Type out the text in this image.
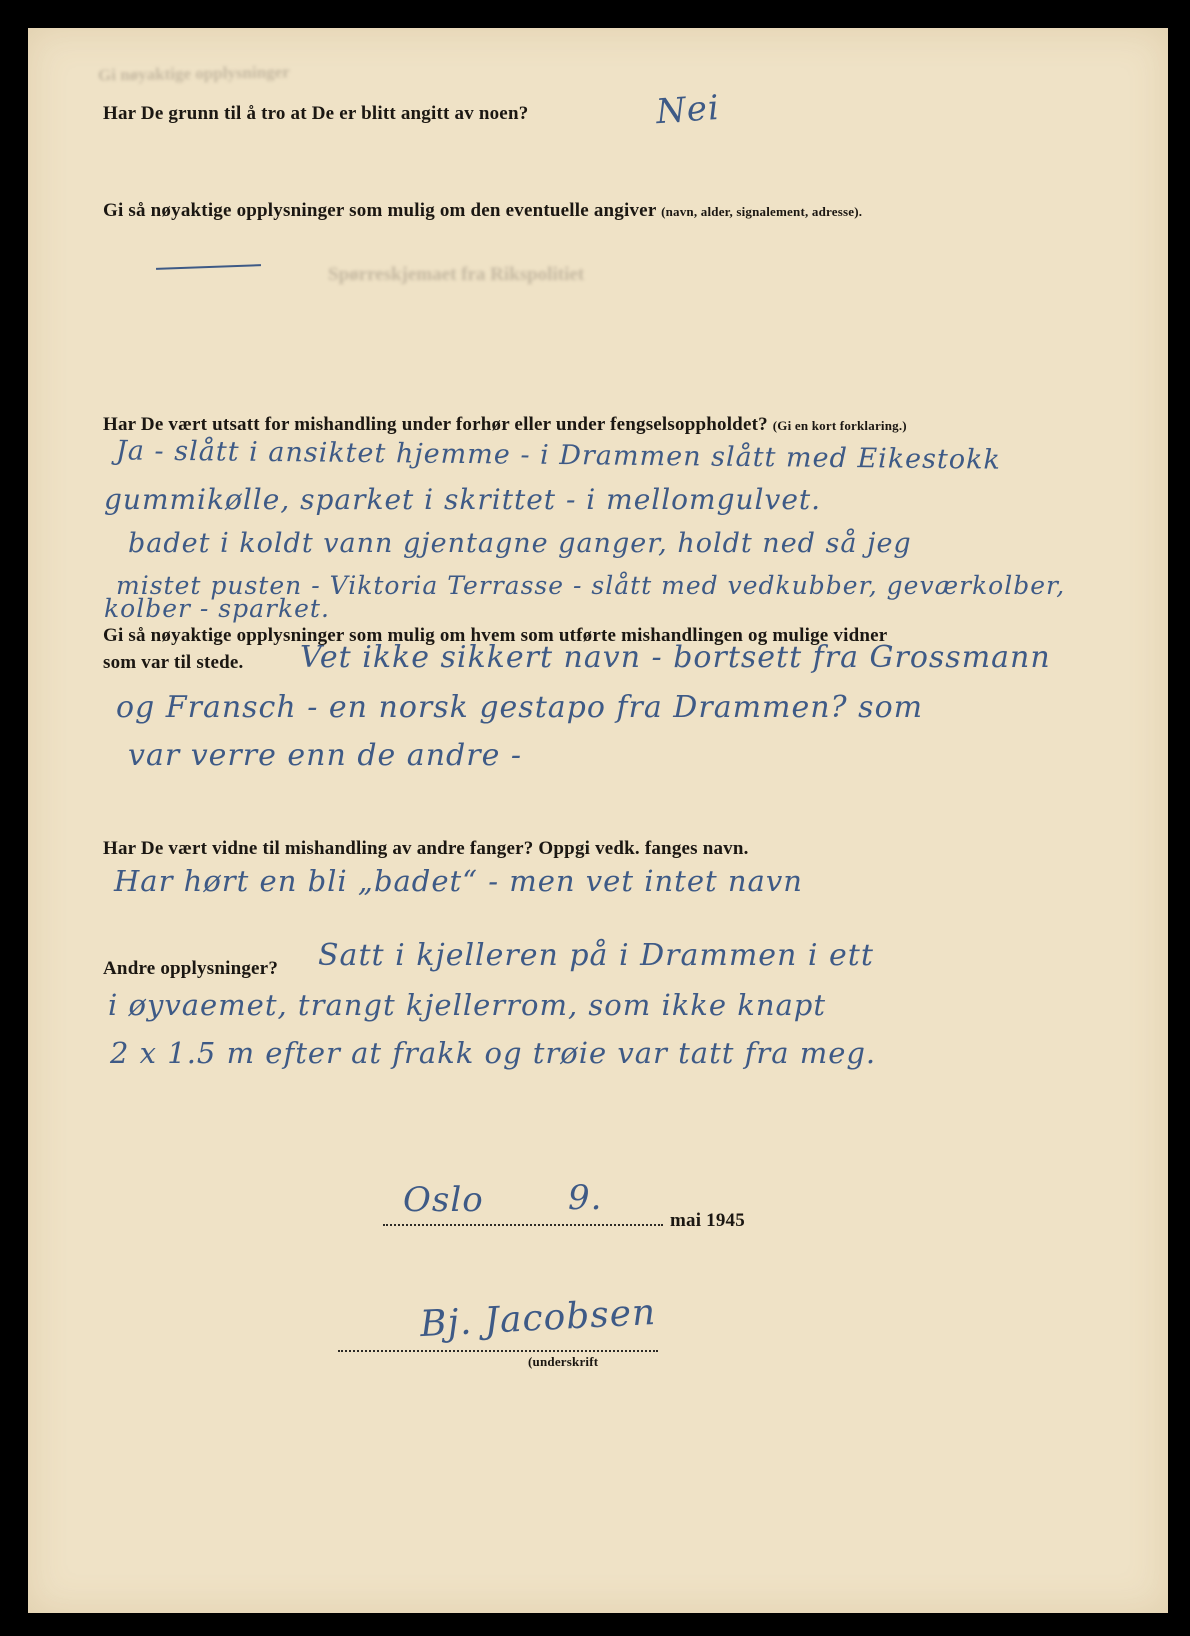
Gi nøyaktige opplysninger
Har De grunn til å tro at De er blitt angitt av noen?	Nei
Gi så nøyaktige opplysninger som mulig om den eventuelle angiver (navn, alder, signalement, adresse).
Spørreskjemaet fra Rikspolitiet
Har De vært utsatt for mishandling under forhør eller under fengselsoppholdet? (Gi en kort forklaring.)
Ja - slått i ansiktet hjemme - i Drammen slått med Eikestokk
gummikølle, sparket i skrittet - i mellomgulvet.
badet i koldt vann gjentagne ganger, holdt ned så jeg
mistet pusten - Viktoria Terrasse - slått med vedkubber, geværkolber,
kolber - sparket.
Gi så nøyaktige opplysninger som mulig om hvem som utførte mishandlingen og mulige vidner
som var til stede. Vet ikke sikkert navn - bortsett fra Grossmann
og Fransch - en norsk gestapo fra Drammen? som
var verre enn de andre -
Har De vært vidne til mishandling av andre fanger? Oppgi vedk. fanges navn.
Har hørt en bli „badet“ - men vet intet navn
Andre opplysninger? Satt i kjelleren på i Drammen i ett
i øyvaemet, trangt kjellerrom, som ikke knapt
2 x 1.5 m efter at frakk og trøie var tatt fra meg.
Oslo 9.
mai 1945
Bj. Jacobsen
(underskrift
